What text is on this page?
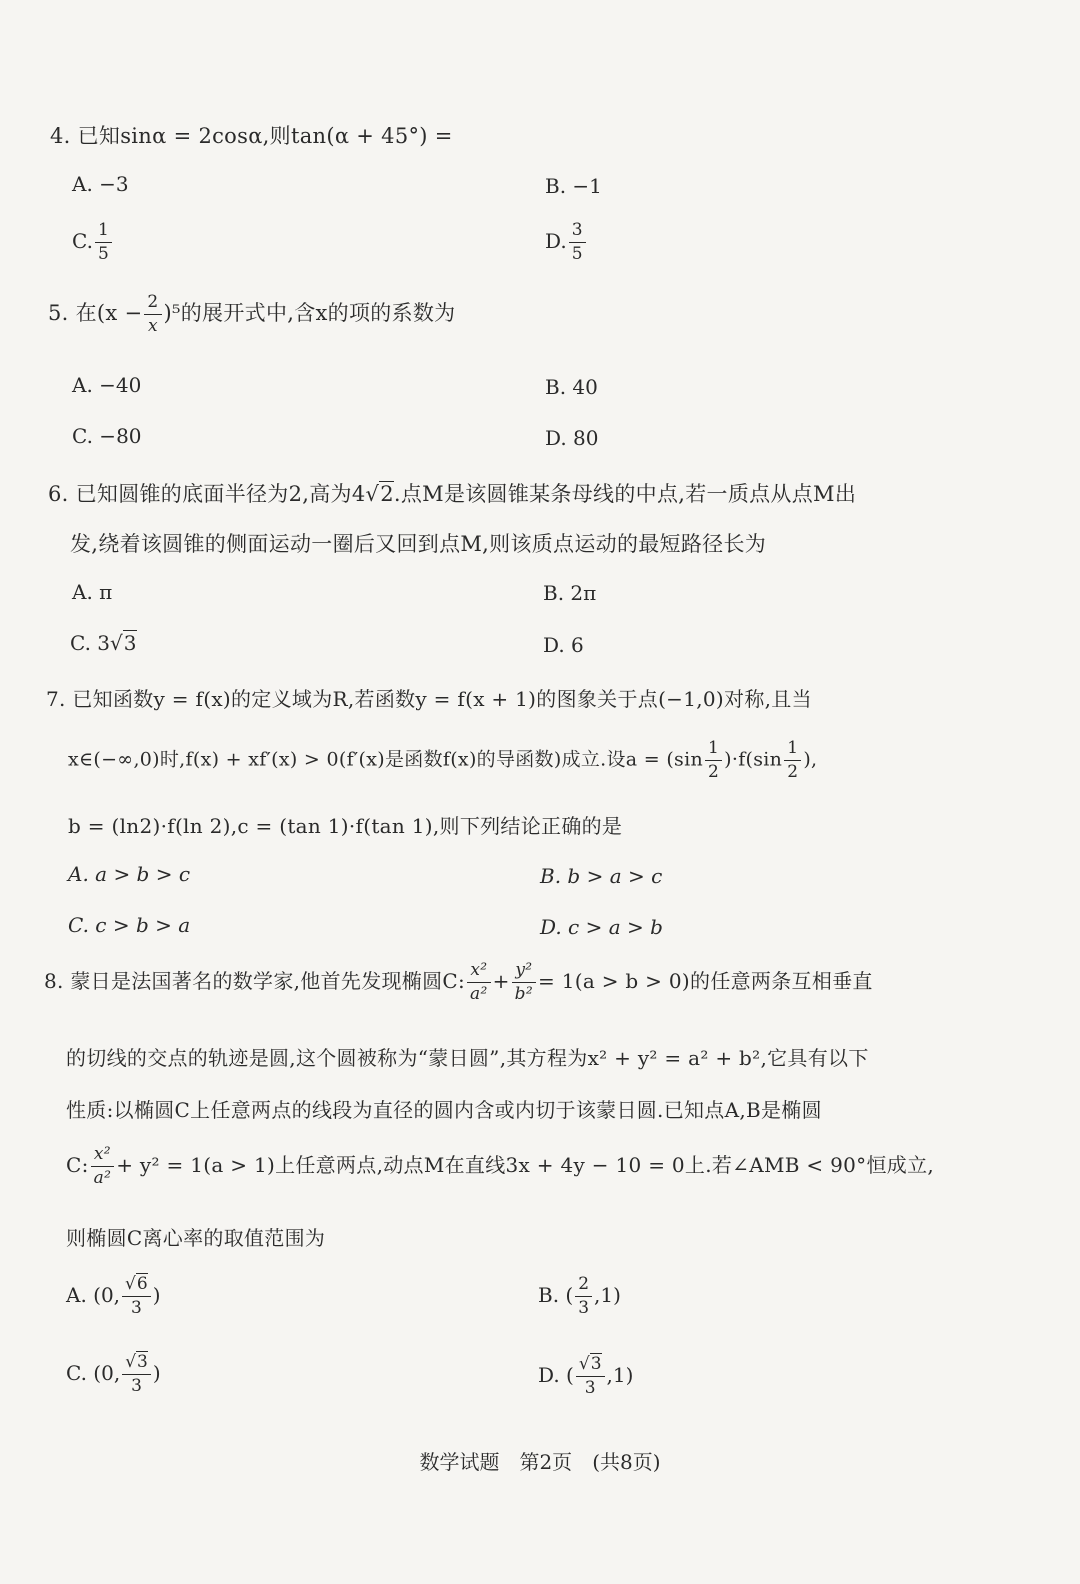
4. 已知sinα = 2cosα,则tan(α + 45°) =
A. −3	B. −1
C. $\frac{1}{5}$	D. $\frac{3}{5}$
5. 在$(x - \frac{2}{x} )^5$的展开式中,含x的项的系数为
A. −40	B. 40
C. −80	D. 80
6. 已知圆锥的底面半径为2,高为4√2.点M是该圆锥某条母线的中点,若一质点从点M出
发,绕着该圆锥的侧面运动一圈后又回到点M,则该质点运动的最短路径长为
A. π	B. 2π
C. 3√3	D. 6
7. 已知函数y = f(x)的定义域为R,若函数y = f(x + 1)的图象关于点(−1,0)对称,且当
x∈(−∞,0)时,f(x) + xf′(x) > 0(f′(x)是函数f(x)的导函数)成立.设$a = (\sin \frac{1}{2} )\cdot f(\sin \frac{1}{2}$ ),
b = (ln2)·f(ln 2),c = (tan 1)·f(tan 1),则下列结论正确的是
A. a > b > c	B. b > a > c
C. c > b > a	D. c > a > b
8. 蒙日是法国著名的数学家,他首先发现椭圆C: $\frac{\text{x²}}{\text{a²}} + \frac{\text{y²}}{\text{b²}} = 1(a > b > 0)$的任意两条互相垂直
的切线的交点的轨迹是圆,这个圆被称为“蒙日圆”,其方程为x² + y² = a² + b²,它具有以下
性质:以椭圆C上任意两点的线段为直径的圆内含或内切于该蒙日圆.已知点A,B是椭圆
C: $\frac{\text{x²}}{\text{a²}} + y^2 = 1(a > 1)$上任意两点,动点M在直线3x + 4y − 10 = 0上.若∠AMB < 90°恒成立,
则椭圆C离心率的取值范围为
A. (0, $\frac{√6}{3}$ )	B. ( $\frac{2}{3} ,1$)
C. (0, $\frac{√3}{3}$ )	D. ( $\frac{√3}{3} ,1$)
数学试题 第2页 (共8页)
